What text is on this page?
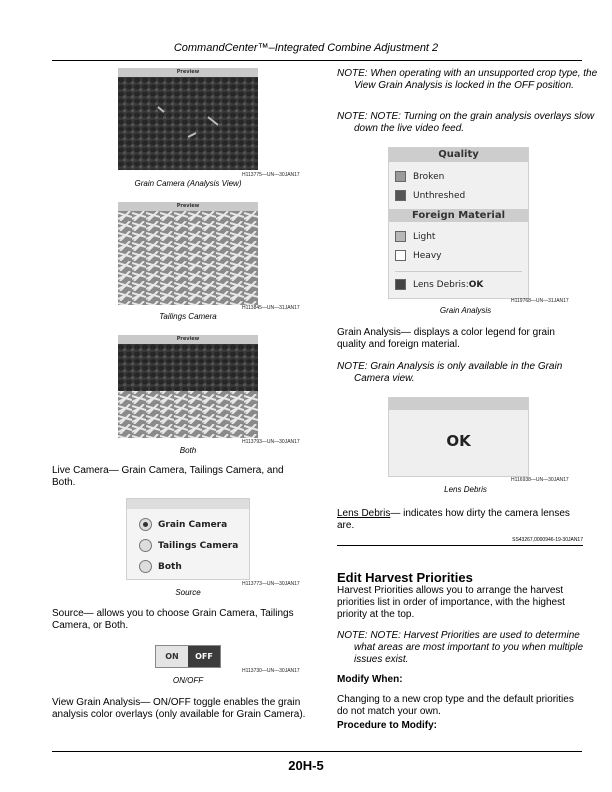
CommandCenter™–Integrated Combine Adjustment 2
Preview
H113775—UN—30JAN17
Grain Camera (Analysis View)
Preview
H113845—UN—31JAN17
Tailings Camera
Preview
H113793—UN—30JAN17
Both
Live Camera— Grain Camera, Tailings Camera, and Both.
Grain Camera
Tailings Camera
Both
H113773—UN—30JAN17
Source
Source— allows you to choose Grain Camera, Tailings Camera, or Both.
ON	OFF
H113730—UN—30JAN17
ON/OFF
View Grain Analysis— ON/OFF toggle enables the grain analysis color overlays (only available for Grain Camera).
NOTE: When operating with an unsupported crop type, the View Grain Analysis is locked in the OFF position.
NOTE: NOTE: Turning on the grain analysis overlays slow down the live video feed.
Quality
Broken
Unthreshed
Foreign Material
Light
Heavy
Lens Debris: OK
H119768—UN—31JAN17
Grain Analysis
Grain Analysis— displays a color legend for grain quality and foreign material.
NOTE: Grain Analysis is only available in the Grain Camera view.
OK
H116938—UN—30JAN17
Lens Debris
Lens Debris— indicates how dirty the camera lenses are.
SS43267,0000946-19-30JAN17
Edit Harvest Priorities
Harvest Priorities allows you to arrange the harvest priorities list in order of importance, with the highest priority at the top.
NOTE: NOTE: Harvest Priorities are used to determine what areas are most important to you when multiple issues exist.
Modify When:
Changing to a new crop type and the default priorities do not match your own.
Procedure to Modify:
20H-5
